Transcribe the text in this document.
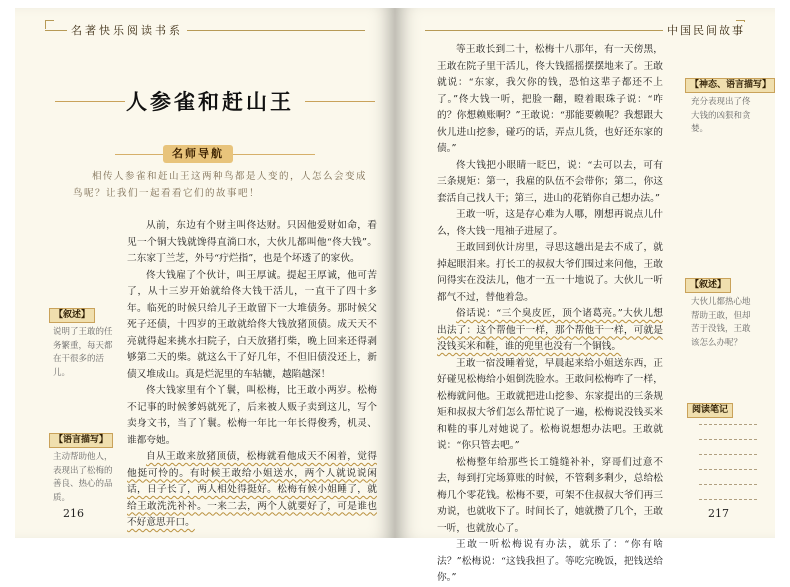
名著快乐阅读书系
人参雀和赶山王
名师导航
相传人参雀和赶山王这两种鸟都是人变的，人怎么会变成鸟呢？让我们一起看看它们的故事吧！

从前，东边有个财主叫佟达财。只因他爱财如命，看见一个铜大钱就馋得直淌口水，大伙儿都叫他“佟大钱”。二东家丁兰芝，外号“疔烂指”，也是个坏透了的家伙。

佟大钱雇了个伙计，叫王厚诚。提起王厚诚，他可苦了，从十三岁开始就给佟大钱干活儿，一直干了四十多年。临死的时候只给儿子王敢留下一大堆债务。那时候父死子还债，十四岁的王敢就给佟大钱放猪顶债。成天天不亮就得起来挑水扫院子，白天放猪打柴，晚上回来还得剥够第二天的柴。就这么干了好几年，不但旧债没还上，新债又堆成山。真是烂泥里的车轱辘，越陷越深！

佟大钱家里有个丫鬟，叫松梅，比王敢小两岁。松梅不记事的时候爹妈就死了，后来被人贩子卖到这儿，写个卖身文书，当了丫鬟。松梅一年比一年长得俊秀，机灵、谁都夸她。

自从王敢来放猪顶债，松梅就看他成天不闲着，觉得他挺可怜的。有时候王敢给小姐送水，两个人就说说闲话，日子长了，两人相处得挺好。松梅有候小姐睡了，就给王敢洗洗补补。一来二去，两个人就要好了，可是谁也不好意思开口。

【叙述】
说明了王敢的任务繁重，每天都在干很多的活儿。
【语言描写】
主动帮助他人，表现出了松梅的善良、热心的品质。
216
中国民间故事

等王敢长到二十，松梅十八那年，有一天傍黑，王敢在院子里干活儿，佟大钱摇摇摆摆地来了。王敢就说：“东家，我欠你的钱，恐怕这辈子都还不上了。”佟大钱一听，把脸一翻，瞪着眼珠子说：“咋的？你想赖账啊？”王敢说：“那能要赖呢？我想跟大伙儿进山挖参，碰巧的话，弄点儿货，也好还东家的债。”

佟大钱把小眼睛一眨巴，说：“去可以去，可有三条规矩：第一，我雇的队伍不会带你；第二，你这套活自己找人干；第三，进山的花销你自己想办法。”

王敢一听，这是存心难为人哪，刚想再说点儿什么，佟大钱一甩袖子进屋了。

王敢回到伙计房里，寻思这趟出是去不成了，就掉起眼泪来。打长工的叔叔大爷们围过来问他，王敢问得实在没法儿，他才一五一十地说了。大伙儿一听都气不过，替他着急。

俗话说：“三个臭皮匠，顶个诸葛亮。”大伙儿想出法了：这个帮他干一样，那个帮他干一样，可就是没钱买米和鞋，谁的兜里也没有一个铜钱。

王敢一宿没睡着觉，早晨起来给小姐送东西，正好碰见松梅给小姐倒洗脸水。王敢问松梅咋了一样，松梅就问他。王敢就把进山挖参、东家提出的三条规矩和叔叔大爷们怎么帮忙说了一遍，松梅说没钱买米和鞋的事儿对她说了。松梅说想想办法吧。王敢就说：“你只管去吧。”

松梅整年给那些长工缝缝补补，穿哥们过意不去，每到打完场算账的时候，不管剩多剩少，总给松梅几个零花钱。松梅不要，可架不住叔叔大爷们再三劝说，也就收下了。时间长了，她就攒了几个，王敢一听，也就放心了。

王敢一听松梅说有办法，就乐了：“你有啥法？”松梅说：“这钱我担了。等吃完晚饭，把钱送给你。”

【神态、语言描写】
充分表现出了佟大钱的凶狠和贪婪。
【叙述】
大伙儿都热心地帮助王敢，但却苦于没钱，王敢该怎么办呢？
阅读笔记
217
